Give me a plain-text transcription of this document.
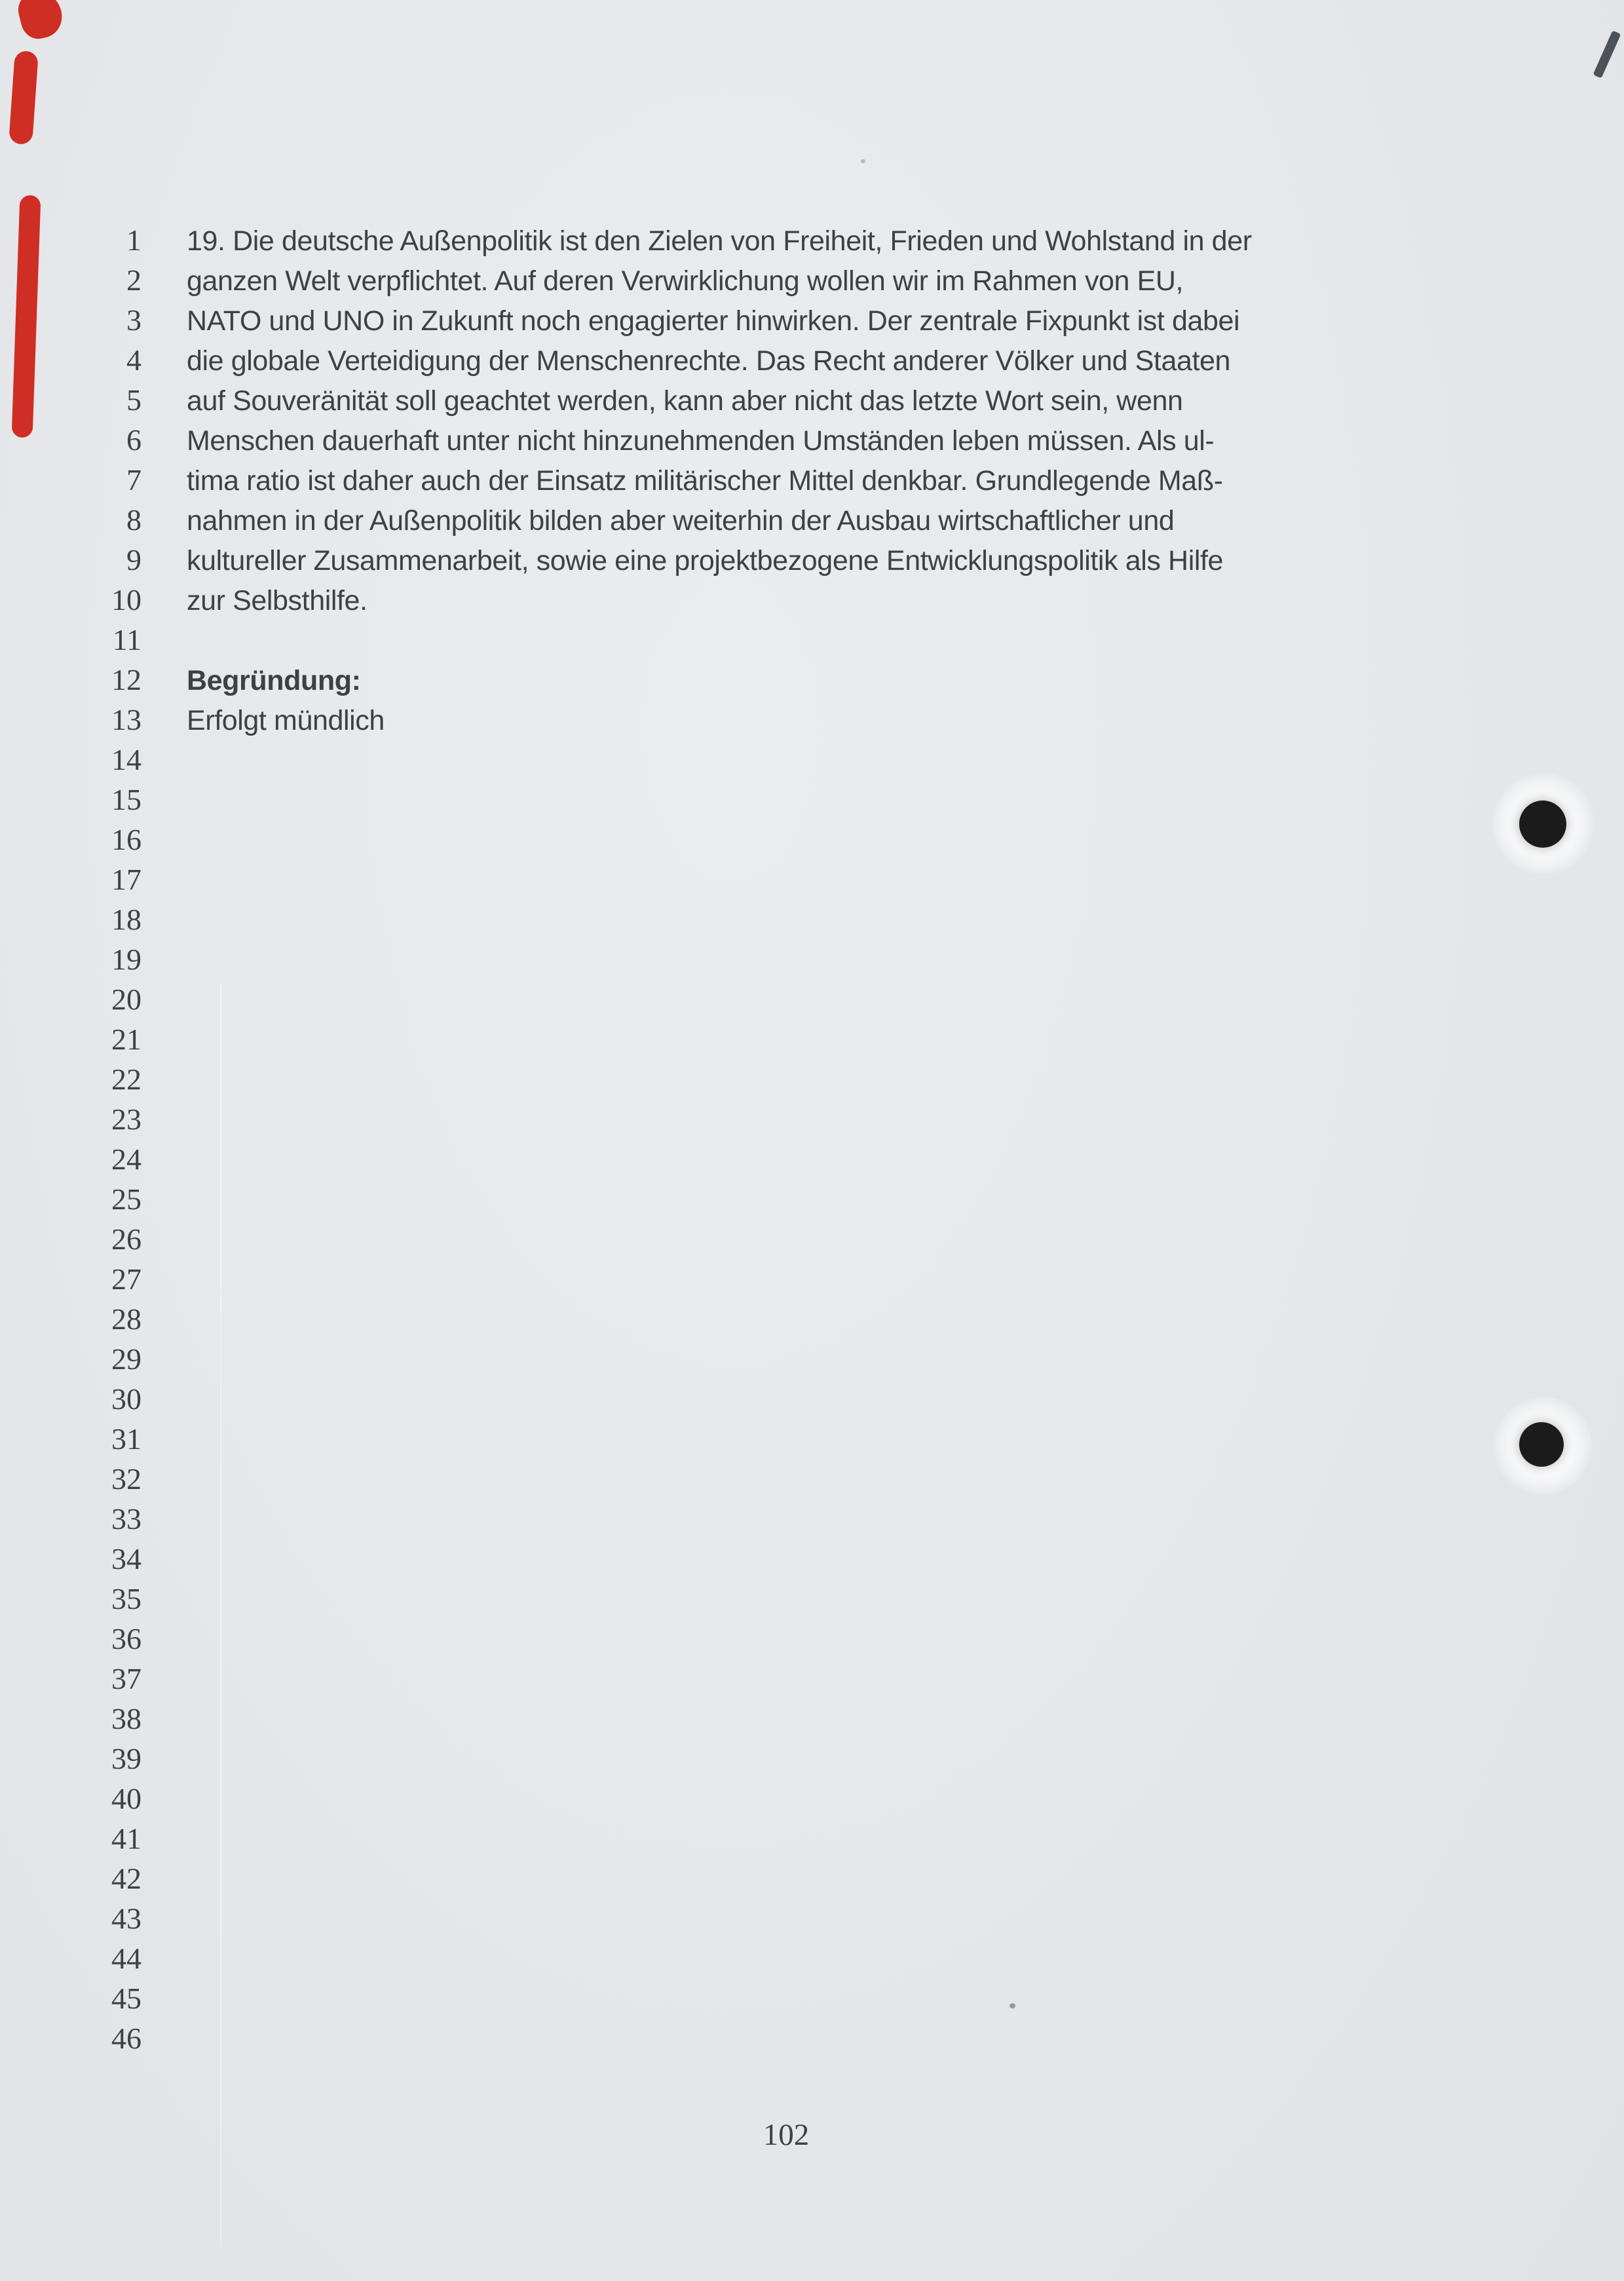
1 19. Die deutsche Außenpolitik ist den Zielen von Freiheit, Frieden und Wohlstand in der
2 ganzen Welt verpflichtet. Auf deren Verwirklichung wollen wir im Rahmen von EU,
3 NATO und UNO in Zukunft noch engagierter hinwirken. Der zentrale Fixpunkt ist dabei
4 die globale Verteidigung der Menschenrechte. Das Recht anderer Völker und Staaten
5 auf Souveränität soll geachtet werden, kann aber nicht das letzte Wort sein, wenn
6 Menschen dauerhaft unter nicht hinzunehmenden Umständen leben müssen. Als ul-
7 tima ratio ist daher auch der Einsatz militärischer Mittel denkbar. Grundlegende Maß-
8 nahmen in der Außenpolitik bilden aber weiterhin der Ausbau wirtschaftlicher und
9 kultureller Zusammenarbeit, sowie eine projektbezogene Entwicklungspolitik als Hilfe
10 zur Selbsthilfe.
11
12 Begründung:
13 Erfolgt mündlich
14
15
16
17
18
19
20
21
22
23
24
25
26
27
28
29
30
31
32
33
34
35
36
37
38
39
40
41
42
43
44
45
46
102
